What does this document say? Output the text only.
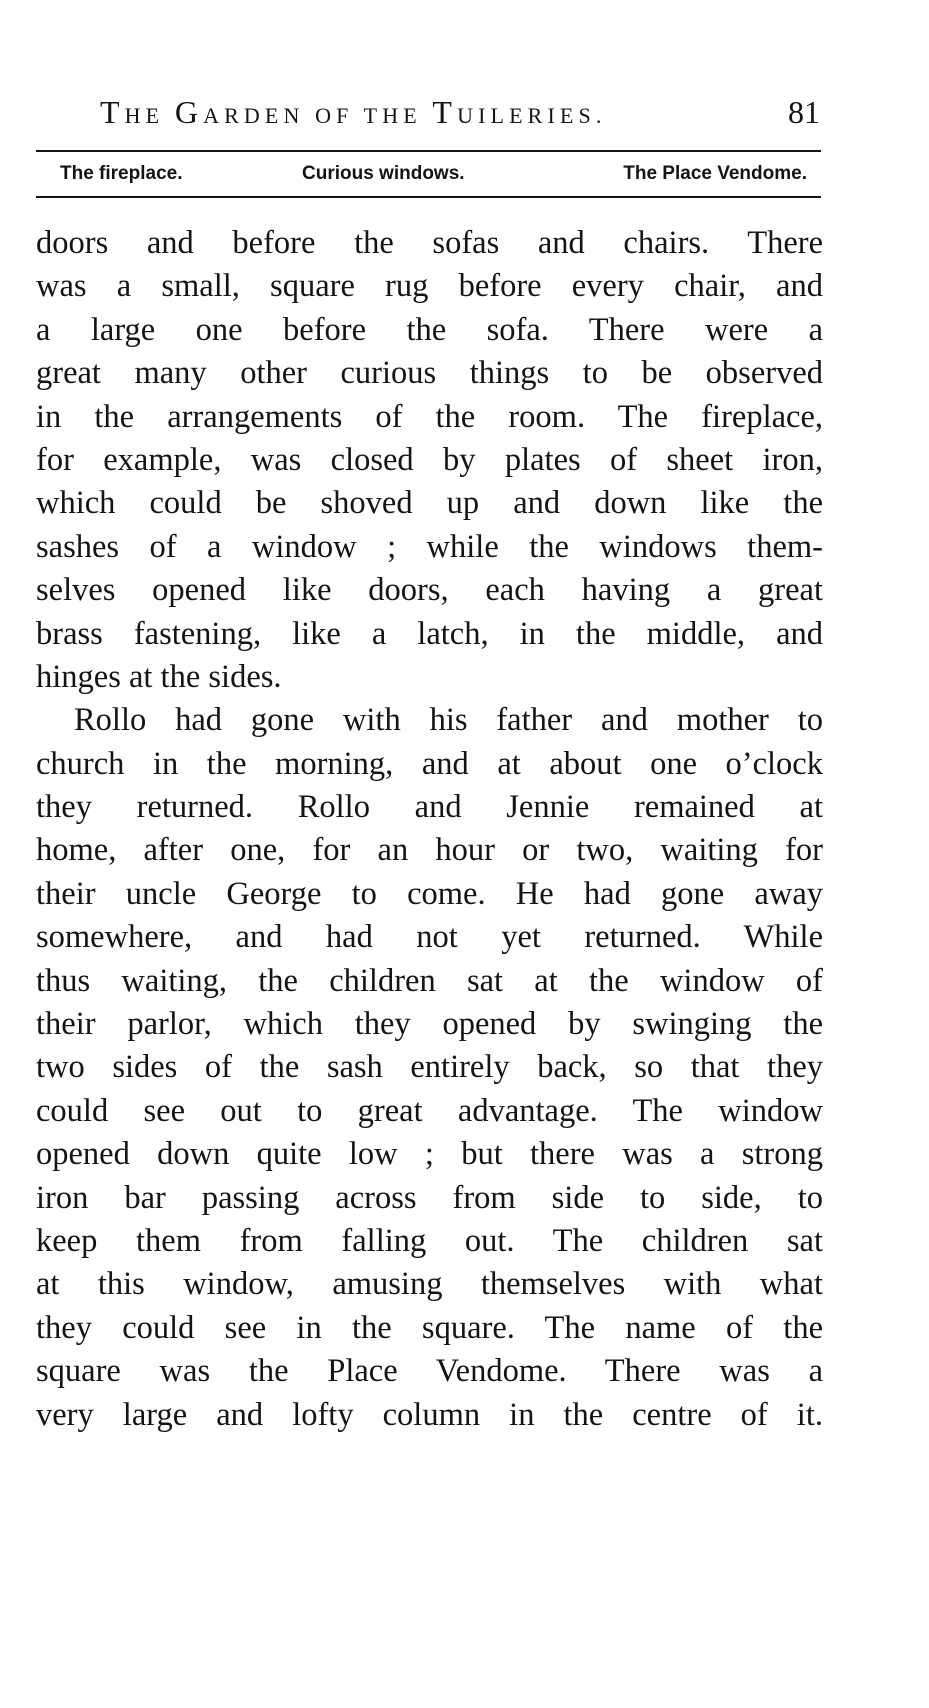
THE GARDEN OF THE TUILERIES.	81
The fireplace.	Curious windows.	The Place Vendome.
doors and before the sofas and chairs. There
was a small, square rug before every chair, and
a large one before the sofa. There were a
great many other curious things to be observed
in the arrangements of the room. The fireplace,
for example, was closed by plates of sheet iron,
which could be shoved up and down like the
sashes of a window ; while the windows them-
selves opened like doors, each having a great
brass fastening, like a latch, in the middle, and
hinges at the sides.
Rollo had gone with his father and mother to
church in the morning, and at about one o’clock
they returned. Rollo and Jennie remained at
home, after one, for an hour or two, waiting for
their uncle George to come. He had gone away
somewhere, and had not yet returned. While
thus waiting, the children sat at the window of
their parlor, which they opened by swinging the
two sides of the sash entirely back, so that they
could see out to great advantage. The window
opened down quite low ; but there was a strong
iron bar passing across from side to side, to
keep them from falling out. The children sat
at this window, amusing themselves with what
they could see in the square. The name of the
square was the Place Vendome. There was a
very large and lofty column in the centre of it.
